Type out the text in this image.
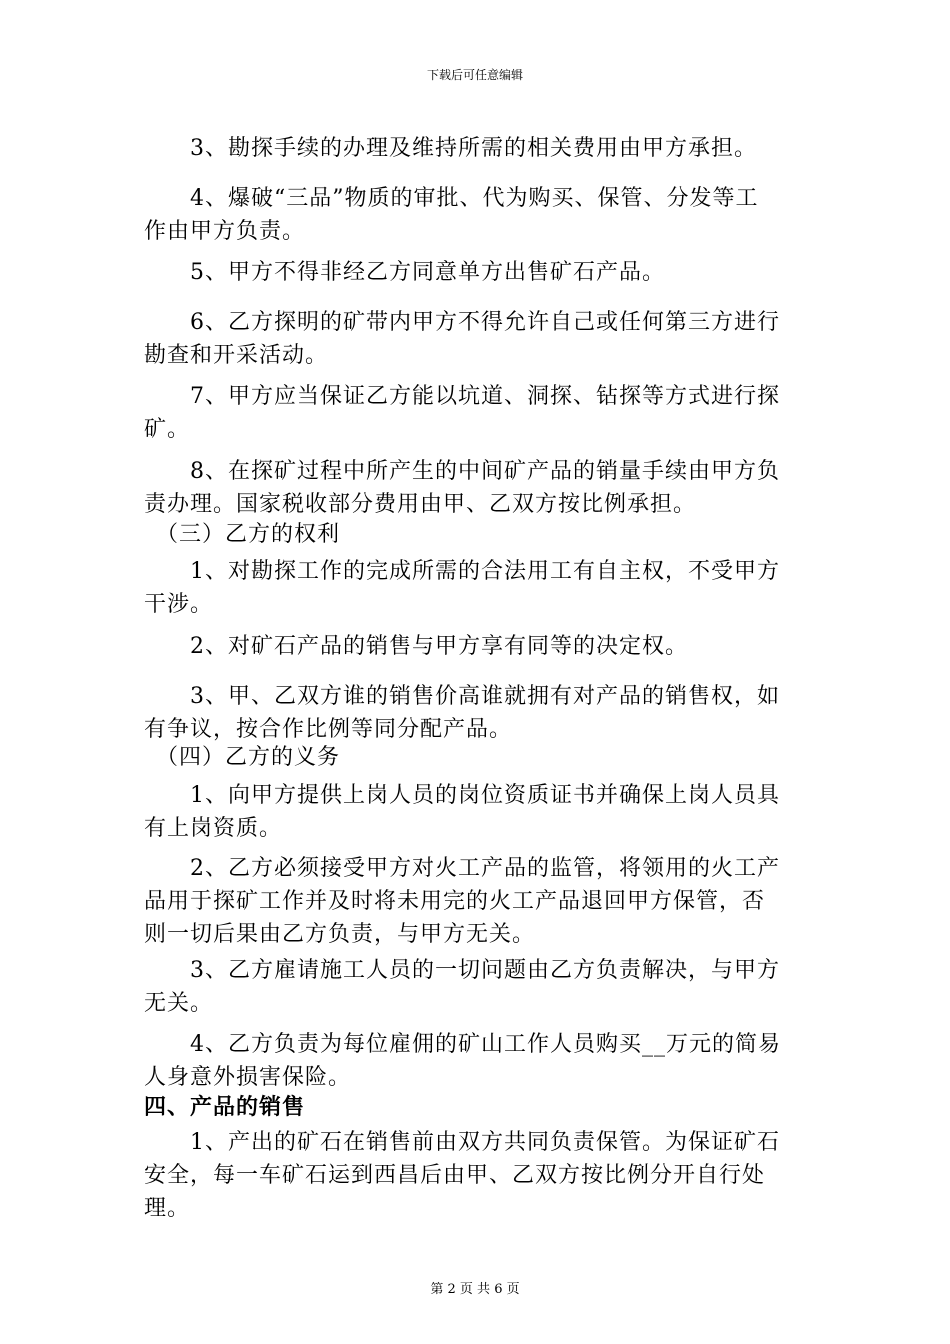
下载后可任意编辑
　　3、勘探手续的办理及维持所需的相关费用由甲方承担。
　　4、爆破“三品”物质的审批、代为购买、保管、分发等工
作由甲方负责。
　　5、甲方不得非经乙方同意单方出售矿石产品。
　　6、乙方探明的矿带内甲方不得允许自己或任何第三方进行
勘查和开采活动。
　　7、甲方应当保证乙方能以坑道、洞探、钻探等方式进行探
矿。
　　8、在探矿过程中所产生的中间矿产品的销量手续由甲方负
责办理。国家税收部分费用由甲、乙双方按比例承担。
　（三）乙方的权利
　　1、对勘探工作的完成所需的合法用工有自主权，不受甲方
干涉。
　　2、对矿石产品的销售与甲方享有同等的决定权。
　　3、甲、乙双方谁的销售价高谁就拥有对产品的销售权，如
有争议，按合作比例等同分配产品。
　（四）乙方的义务
　　1、向甲方提供上岗人员的岗位资质证书并确保上岗人员具
有上岗资质。
　　2、乙方必须接受甲方对火工产品的监管，将领用的火工产
品用于探矿工作并及时将未用完的火工产品退回甲方保管，否
则一切后果由乙方负责，与甲方无关。
　　3、乙方雇请施工人员的一切问题由乙方负责解决，与甲方
无关。
　　4、乙方负责为每位雇佣的矿山工作人员购买__万元的简易
人身意外损害保险。
四、产品的销售
　　1、产出的矿石在销售前由双方共同负责保管。为保证矿石
安全，每一车矿石运到西昌后由甲、乙双方按比例分开自行处
理。
第 2 页 共 6 页
